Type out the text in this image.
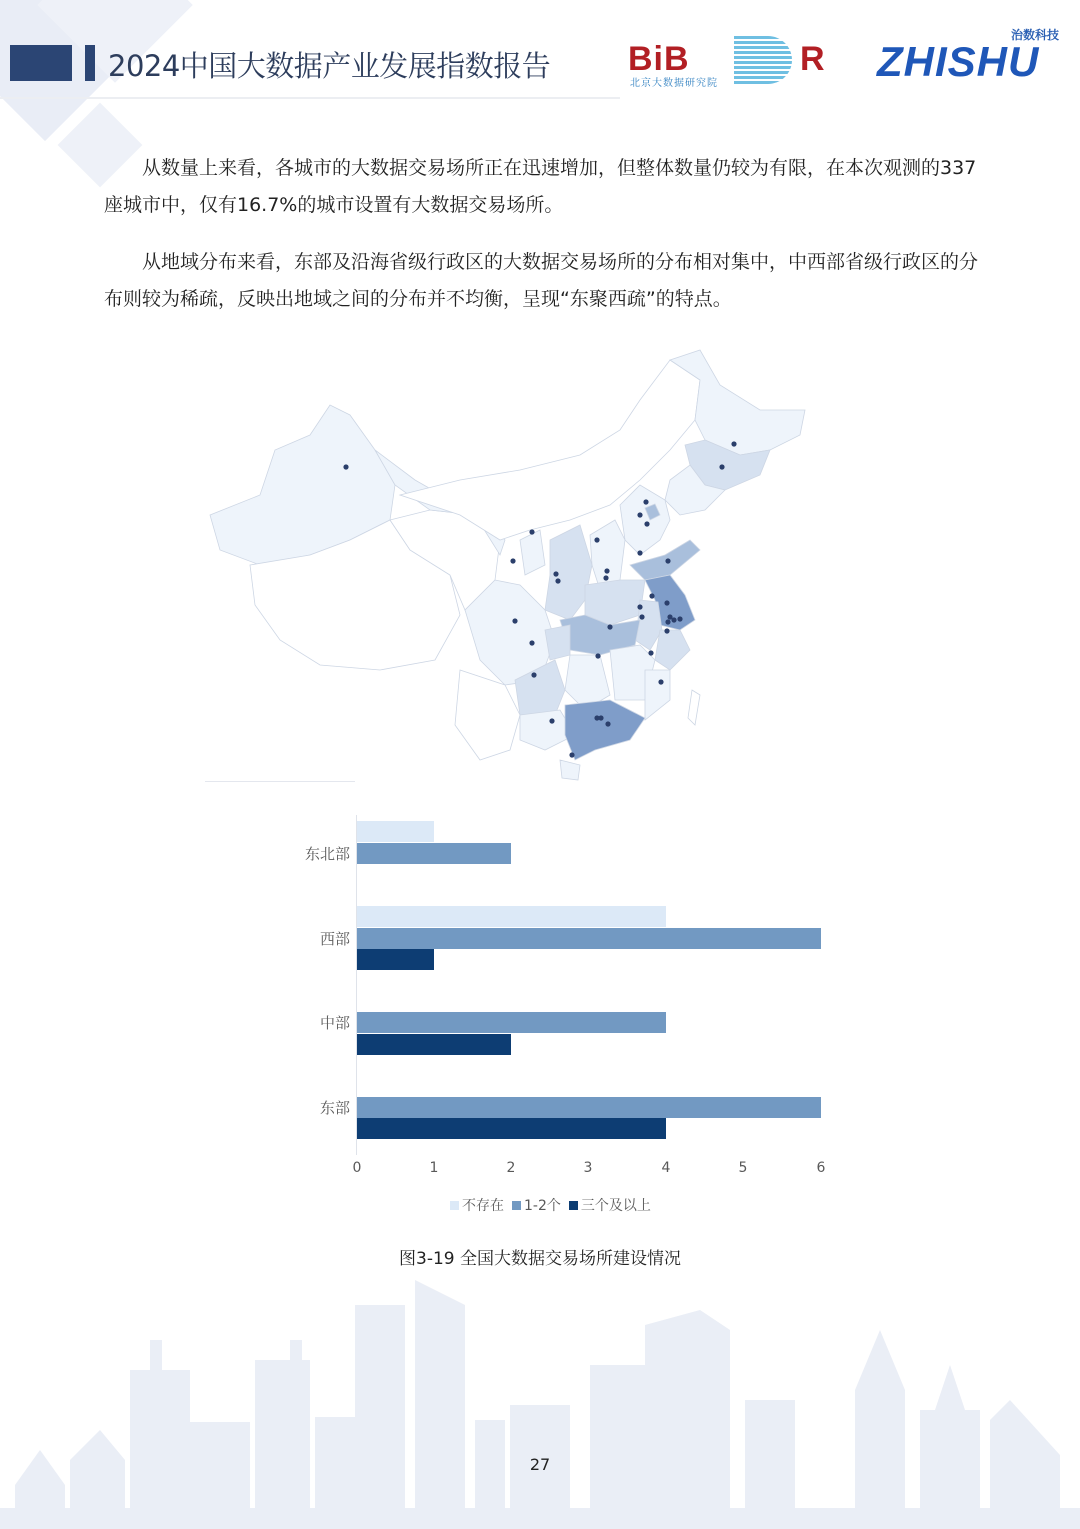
2024中国大数据产业发展指数报告 BiB	R
北京大数据研究院
治数科技
ZHISHU

从数量上来看，各城市的大数据交易场所正在迅速增加，但整体数量仍较为有限，在本次观测的337座城市中，仅有16.7%的城市设置有大数据交易场所。

从地域分布来看，东部及沿海省级行政区的大数据交易场所的分布相对集中，中西部省级行政区的分布则较为稀疏，反映出地域之间的分布并不均衡，呈现“东聚西疏”的特点。

东北部
西部
中部
东部
0	1	2	3	4	5	6
不存在 1-2个 三个及以上
图3-19 全国大数据交易场所建设情况
27
